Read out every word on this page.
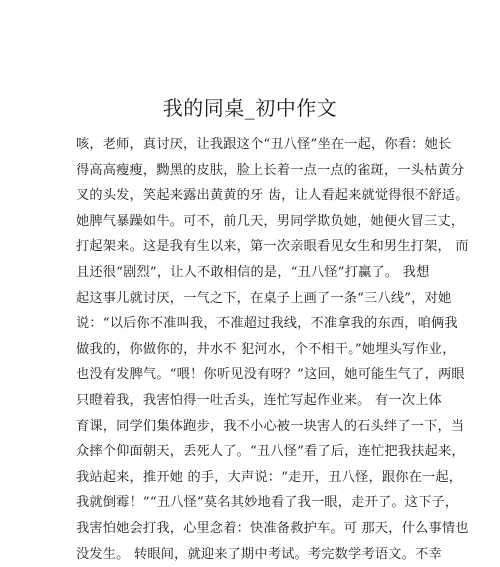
我的同桌_初中作文
咳，老师，真讨厌，让我跟这个“丑八怪”坐在一起，你看：她长
得高高瘦瘦，黝黑的皮肤，脸上长着一点一点的雀斑，一头枯黄分
叉的头发，笑起来露出黄黄的牙 齿，让人看起来就觉得很不舒适。
她脾气暴躁如牛。可不，前几天，男同学欺负她，她便火冒三丈，
打起架来。这是我有生以来，第一次亲眼看见女生和男生打架， 而
且还很“剧烈”，让人不敢相信的是，“丑八怪”打赢了。 我想
起这事儿就讨厌，一气之下，在桌子上画了一条“三八线”，对她
说：“以后你不准叫我，不准超过我线，不准拿我的东西，咱俩我
做我的，你做你的，井水不 犯河水，个不相干。”她埋头写作业，
也没有发脾气。“喂！你听见没有呀？”这回，她可能生气了，两眼
只瞪着我，我害怕得一吐舌头，连忙写起作业来。 有一次上体
育课，同学们集体跑步，我不小心被一块害人的石头绊了一下，当
众摔个仰面朝天，丢死人了。“丑八怪”看了后，连忙把我扶起来，
我站起来，推开她 的手，大声说：“走开，丑八怪，跟你在一起，
我就倒霉！”“丑八怪”莫名其妙地看了我一眼，走开了。这下子，
我害怕她会打我，心里念着：快准备救护车。可 那天，什么事情也
没发生。 转眼间，就迎来了期中考试。考完数学考语文。不幸
